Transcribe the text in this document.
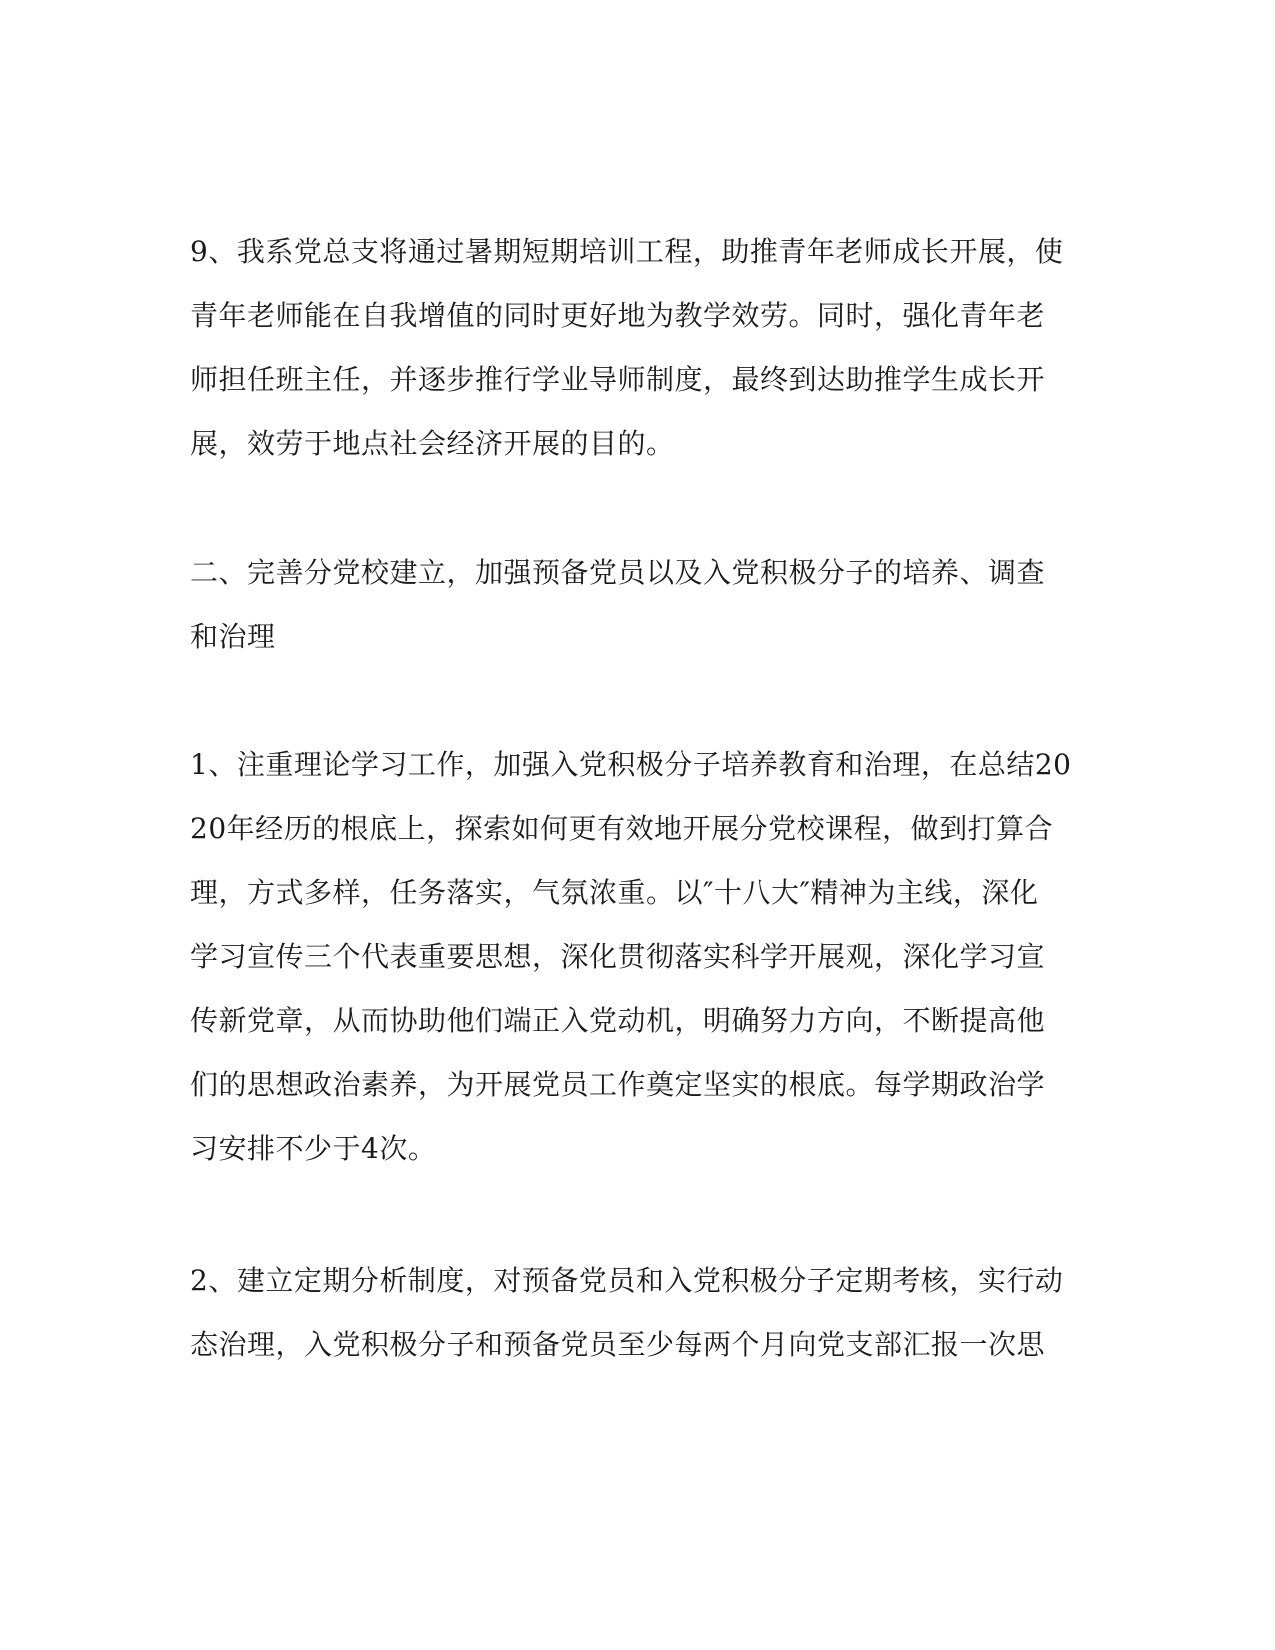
9、我系党总支将通过暑期短期培训工程，助推青年老师成长开展，使
青年老师能在自我增值的同时更好地为教学效劳。同时，强化青年老
师担任班主任，并逐步推行学业导师制度，最终到达助推学生成长开
展，效劳于地点社会经济开展的目的。
二、完善分党校建立，加强预备党员以及入党积极分子的培养、调查
和治理
1、注重理论学习工作，加强入党积极分子培养教育和治理，在总结20
20年经历的根底上，探索如何更有效地开展分党校课程，做到打算合
理，方式多样，任务落实，气氛浓重。以″十八大″精神为主线，深化
学习宣传三个代表重要思想，深化贯彻落实科学开展观，深化学习宣
传新党章，从而协助他们端正入党动机，明确努力方向，不断提高他
们的思想政治素养，为开展党员工作奠定坚实的根底。每学期政治学
习安排不少于4次。
2、建立定期分析制度，对预备党员和入党积极分子定期考核，实行动
态治理，入党积极分子和预备党员至少每两个月向党支部汇报一次思
